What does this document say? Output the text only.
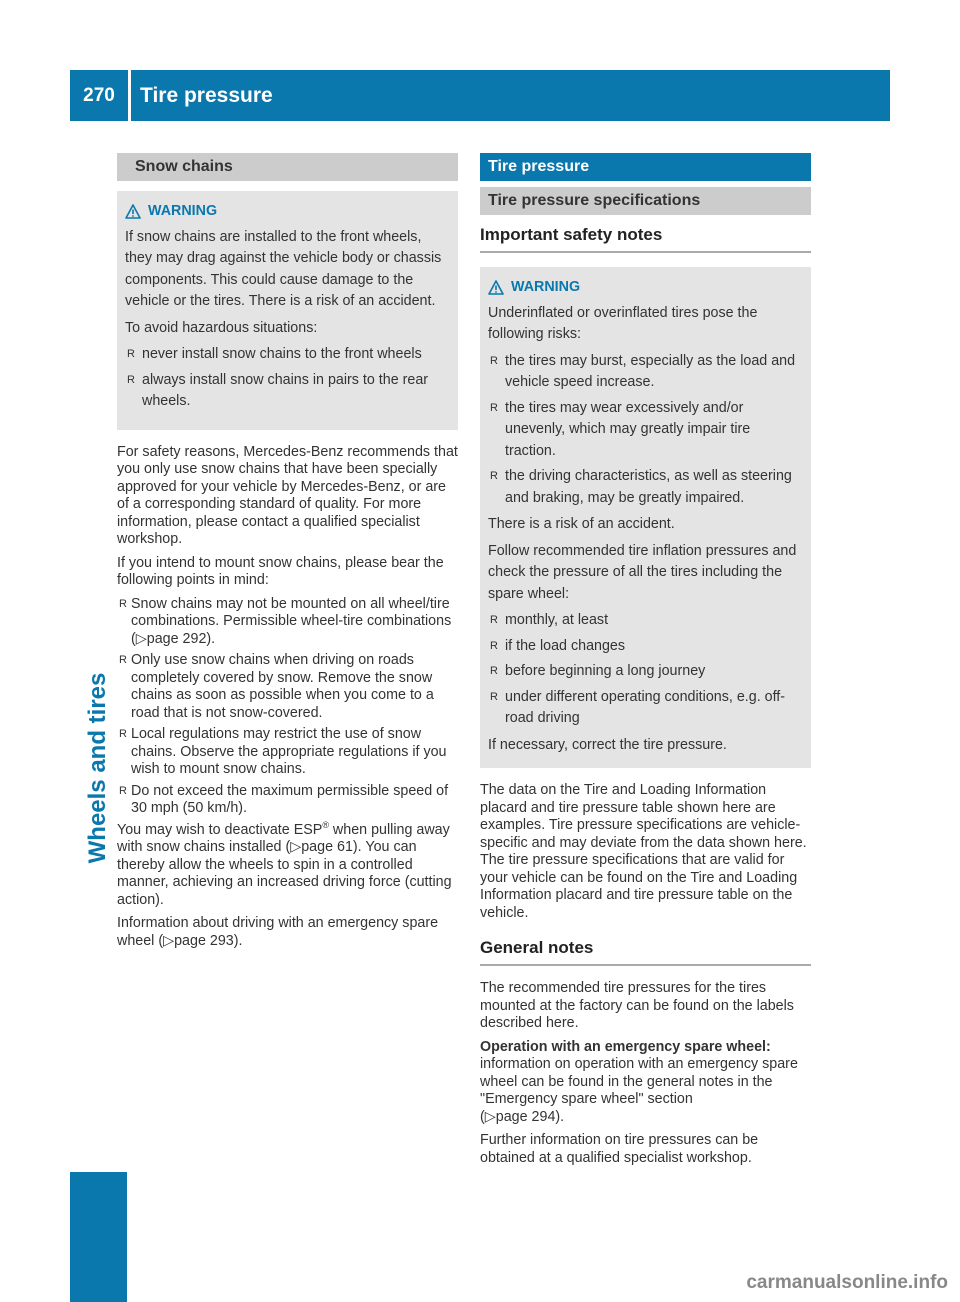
270	Tire pressure
Wheels and tires
Snow chains
WARNING

If snow chains are installed to the front wheels, they may drag against the vehicle body or chassis components. This could cause damage to the vehicle or the tires. There is a risk of an accident.

To avoid hazardous situations:

R never install snow chains to the front wheels
R always install snow chains in pairs to the rear wheels.

For safety reasons, Mercedes-Benz recommends that you only use snow chains that have been specially approved for your vehicle by Mercedes-Benz, or are of a corresponding standard of quality. For more information, please contact a qualified specialist workshop.

If you intend to mount snow chains, please bear the following points in mind:

R Snow chains may not be mounted on all wheel/tire combinations. Permissible wheel-tire combinations (▷page 292).
R Only use snow chains when driving on roads completely covered by snow. Remove the snow chains as soon as possible when you come to a road that is not snow-covered.
R Local regulations may restrict the use of snow chains. Observe the appropriate regulations if you wish to mount snow chains.
R Do not exceed the maximum permissible speed of 30 mph (50 km/h).

You may wish to deactivate ESP® when pulling away with snow chains installed (▷page 61). You can thereby allow the wheels to spin in a controlled manner, achieving an increased driving force (cutting action).

Information about driving with an emergency spare wheel (▷page 293).

Tire pressure
Tire pressure specifications
Important safety notes
WARNING

Underinflated or overinflated tires pose the following risks:

R the tires may burst, especially as the load and vehicle speed increase.
R the tires may wear excessively and/or unevenly, which may greatly impair tire traction.
R the driving characteristics, as well as steering and braking, may be greatly impaired.

There is a risk of an accident.

Follow recommended tire inflation pressures and check the pressure of all the tires including the spare wheel:

R monthly, at least
R if the load changes
R before beginning a long journey
R under different operating conditions, e.g. off-road driving

If necessary, correct the tire pressure.

The data on the Tire and Loading Information placard and tire pressure table shown here are examples. Tire pressure specifications are vehicle-specific and may deviate from the data shown here. The tire pressure specifications that are valid for your vehicle can be found on the Tire and Loading Information placard and tire pressure table on the vehicle.

General notes

The recommended tire pressures for the tires mounted at the factory can be found on the labels described here.

Operation with an emergency spare wheel: information on operation with an emergency spare wheel can be found in the general notes in the "Emergency spare wheel" section
(▷page 294).

Further information on tire pressures can be obtained at a qualified specialist workshop.

carmanualsonline.info
